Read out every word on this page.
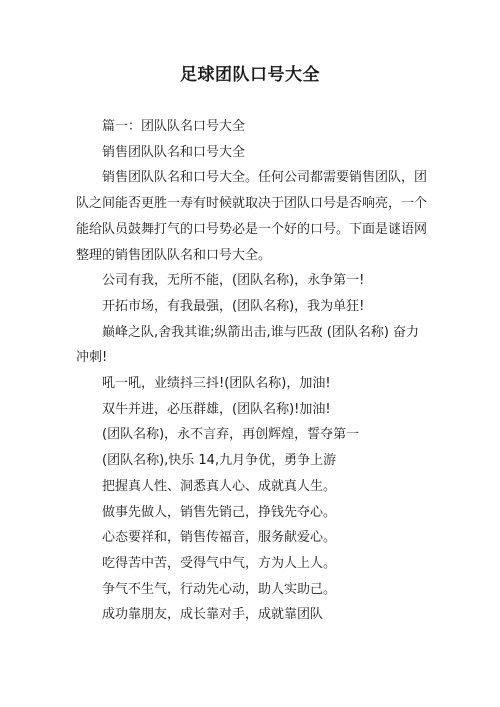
足球团队口号大全

篇一：团队队名口号大全

销售团队队名和口号大全

销售团队队名和口号大全。任何公司都需要销售团队，团队之间能否更胜一寿有时候就取决于团队口号是否响亮，一个能给队员鼓舞打气的口号势必是一个好的口号。下面是谜语网整理的销售团队队名和口号大全。

公司有我，无所不能，(团队名称)，永争第一!

开拓市场，有我最强，(团队名称)，我为单狂!

巅峰之队,舍我其谁;纵箭出击,谁与匹敌 (团队名称) 奋力冲刺!

吼一吼，业绩抖三抖!(团队名称)，加油!

双牛并进，必压群雄，(团队名称)!加油!

(团队名称)，永不言弃，再创辉煌，誓夺第一

(团队名称),快乐 14,九月争优，勇争上游

把握真人性、洞悉真人心、成就真人生。

做事先做人，销售先销己，挣钱先夺心。

心态要祥和，销售传福音，服务献爱心。

吃得苦中苦，受得气中气，方为人上人。

争气不生气，行动先心动，助人实助己。

成功靠朋友，成长靠对手，成就靠团队
